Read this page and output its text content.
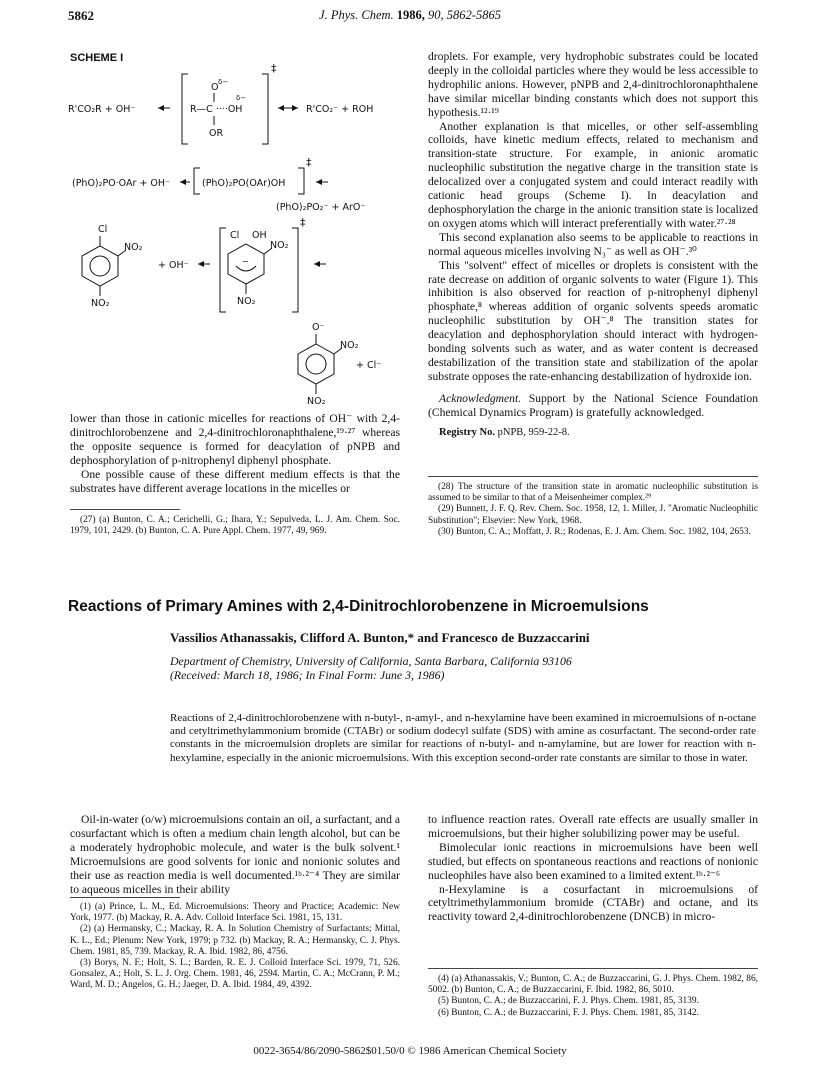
5862	J. Phys. Chem. 1986, 90, 5862-5865
SCHEME I
R'CO₂R + OH⁻
‡
R—C ····OH
O δ−
δ−
OR
R'CO₂⁻ + ROH
(PhO)₂PO·OAr + OH⁻	(PhO)₂PO(OAr)OH
‡
(PhO)₂PO₂⁻ + ArO⁻
Cl
NO₂
NO₂
+ OH⁻
Cl OH
−
NO₂
NO₂
‡
O⁻
NO₂
NO₂
+ Cl⁻

lower than those in cationic micelles for reactions of OH⁻ with 2,4-dinitrochlorobenzene and 2,4-dinitrochloronaphthalene,¹⁹·²⁷ whereas the opposite sequence is formed for deacylation of pNPB and dephosphorylation of p-nitrophenyl diphenyl phosphate.

One possible cause of these different medium effects is that the substrates have different average locations in the micelles or

(27) (a) Bunton, C. A.; Cerichelli, G.; Ihara, Y.; Sepulveda, L. J. Am. Chem. Soc. 1979, 101, 2429. (b) Bunton, C. A. Pure Appl. Chem. 1977, 49, 969.

droplets. For example, very hydrophobic substrates could be located deeply in the colloidal particles where they would be less accessible to hydrophilic anions. However, pNPB and 2,4-dinitrochloronaphthalene have similar micellar binding constants which does not support this hypothesis.¹²·¹⁹

Another explanation is that micelles, or other self-assembling colloids, have kinetic medium effects, related to mechanism and transition-state structure. For example, in anionic aromatic nucleophilic substitution the negative charge in the transition state is delocalized over a conjugated system and could interact readily with cationic head groups (Scheme I). In deacylation and dephosphorylation the charge in the anionic transition state is localized on oxygen atoms which will interact preferentially with water.²⁷·²⁸

This second explanation also seems to be applicable to reactions in normal aqueous micelles involving N₃⁻ as well as OH⁻.³⁰

This "solvent" effect of micelles or droplets is consistent with the rate decrease on addition of organic solvents to water (Figure 1). This inhibition is also observed for reaction of p-nitrophenyl diphenyl phosphate,⁸ whereas addition of organic solvents speeds aromatic nucleophilic substitution by OH⁻.⁸ The transition states for deacylation and dephosphorylation should interact with hydrogen-bonding solvents such as water, and as water content is decreased destabilization of the transition state and stabilization of the apolar substrate opposes the rate-enhancing destabilization of hydroxide ion.

Acknowledgment. Support by the National Science Foundation (Chemical Dynamics Program) is gratefully acknowledged.

Registry No. pNPB, 959-22-8.

(28) The structure of the transition state in aromatic nucleophilic substitution is assumed to be similar to that of a Meisenheimer complex.²⁹

(29) Bunnett, J. F. Q. Rev. Chem. Soc. 1958, 12, 1. Miller, J. "Aromatic Nucleophilic Substitution"; Elsevier: New York, 1968.

(30) Bunton, C. A.; Moffatt, J. R.; Rodenas, E. J. Am. Chem. Soc. 1982, 104, 2653.

Reactions of Primary Amines with 2,4-Dinitrochlorobenzene in Microemulsions
Vassilios Athanassakis, Clifford A. Bunton,* and Francesco de Buzzaccarini
Department of Chemistry, University of California, Santa Barbara, California 93106
(Received: March 18, 1986; In Final Form: June 3, 1986)
Reactions of 2,4-dinitrochlorobenzene with n-butyl-, n-amyl-, and n-hexylamine have been examined in microemulsions of n-octane and cetyltrimethylammonium bromide (CTABr) or sodium dodecyl sulfate (SDS) with amine as cosurfactant. The second-order rate constants in the microemulsion droplets are similar for reactions of n-butyl- and n-amylamine, but are lower for reaction with n-hexylamine, especially in the anionic microemulsions. With this exception second-order rate constants are similar to those in water.

Oil-in-water (o/w) microemulsions contain an oil, a surfactant, and a cosurfactant which is often a medium chain length alcohol, but can be a moderately hydrophobic molecule, and water is the bulk solvent.¹ Microemulsions are good solvents for ionic and nonionic solutes and their use as reaction media is well documented.¹ᵇ·²⁻⁴ They are similar to aqueous micelles in their ability

(1) (a) Prince, L. M., Ed. Microemulsions: Theory and Practice; Academic: New York, 1977. (b) Mackay, R. A. Adv. Colloid Interface Sci. 1981, 15, 131.

(2) (a) Hermansky, C.; Mackay, R. A. In Solution Chemistry of Surfactants; Mittal, K. L., Ed.; Plenum: New York, 1979; p 732. (b) Mackay, R. A.; Hermansky, C. J. Phys. Chem. 1981, 85, 739. Mackay, R. A. Ibid. 1982, 86, 4756.

(3) Borys, N. F.; Holt, S. L.; Barden, R. E. J. Colloid Interface Sci. 1979, 71, 526. Gonsalez, A.; Holt, S. L. J. Org. Chem. 1981, 46, 2594. Martin, C. A.; McCrann, P. M.; Ward, M. D.; Angelos, G. H.; Jaeger, D. A. Ibid. 1984, 49, 4392.

to influence reaction rates. Overall rate effects are usually smaller in microemulsions, but their higher solubilizing power may be useful.

Bimolecular ionic reactions in microemulsions have been well studied, but effects on spontaneous reactions and reactions of nonionic nucleophiles have also been examined to a limited extent.¹ᵇ·²⁻⁶

n-Hexylamine is a cosurfactant in microemulsions of cetyltrimethylammonium bromide (CTABr) and octane, and its reactivity toward 2,4-dinitrochlorobenzene (DNCB) in micro-

(4) (a) Athanassakis, V.; Bunton, C. A.; de Buzzaccarini, G. J. Phys. Chem. 1982, 86, 5002. (b) Bunton, C. A.; de Buzzaccarini, F. Ibid. 1982, 86, 5010.

(5) Bunton, C. A.; de Buzzaccarini, F. J. Phys. Chem. 1981, 85, 3139.

(6) Bunton, C. A.; de Buzzaccarini, F. J. Phys. Chem. 1981, 85, 3142.

0022-3654/86/2090-5862$01.50/0 © 1986 American Chemical Society
